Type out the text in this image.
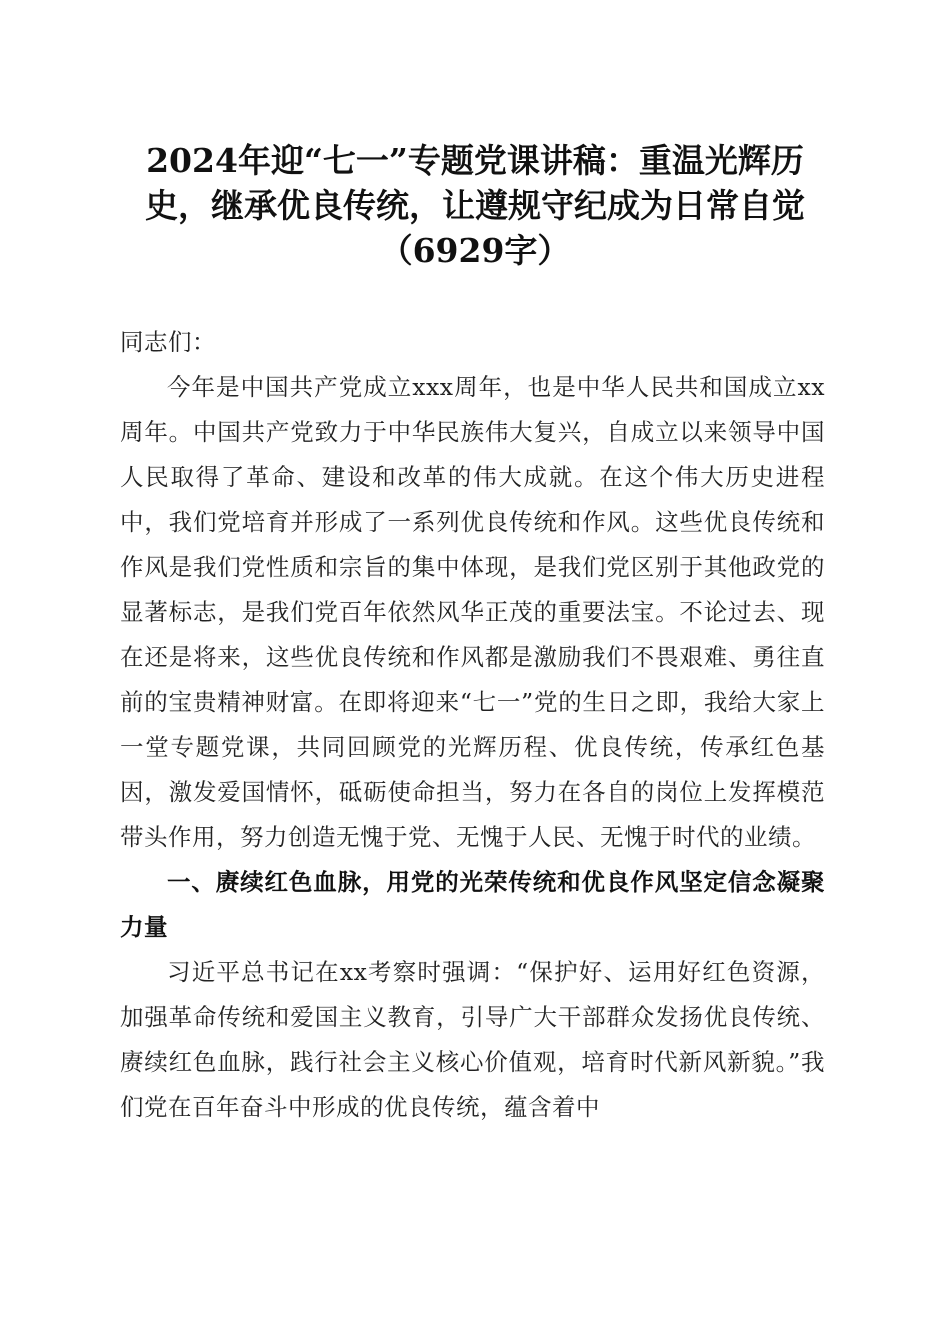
2024年迎“七一”专题党课讲稿：重温光辉历史，继承优良传统，让遵规守纪成为日常自觉（6929字）

同志们：

今年是中国共产党成立xxx周年，也是中华人民共和国成立xx周年。中国共产党致力于中华民族伟大复兴，自成立以来领导中国人民取得了革命、建设和改革的伟大成就。在这个伟大历史进程中，我们党培育并形成了一系列优良传统和作风。这些优良传统和作风是我们党性质和宗旨的集中体现，是我们党区别于其他政党的显著标志，是我们党百年依然风华正茂的重要法宝。不论过去、现在还是将来，这些优良传统和作风都是激励我们不畏艰难、勇往直前的宝贵精神财富。在即将迎来“七一”党的生日之即，我给大家上一堂专题党课，共同回顾党的光辉历程、优良传统，传承红色基因，激发爱国情怀，砥砺使命担当，努力在各自的岗位上发挥模范带头作用，努力创造无愧于党、无愧于人民、无愧于时代的业绩。

一、赓续红色血脉，用党的光荣传统和优良作风坚定信念凝聚力量

习近平总书记在xx考察时强调：“保护好、运用好红色资源，加强革命传统和爱国主义教育，引导广大干部群众发扬优良传统、赓续红色血脉，践行社会主义核心价值观，培育时代新风新貌。”我们党在百年奋斗中形成的优良传统，蕴含着中
